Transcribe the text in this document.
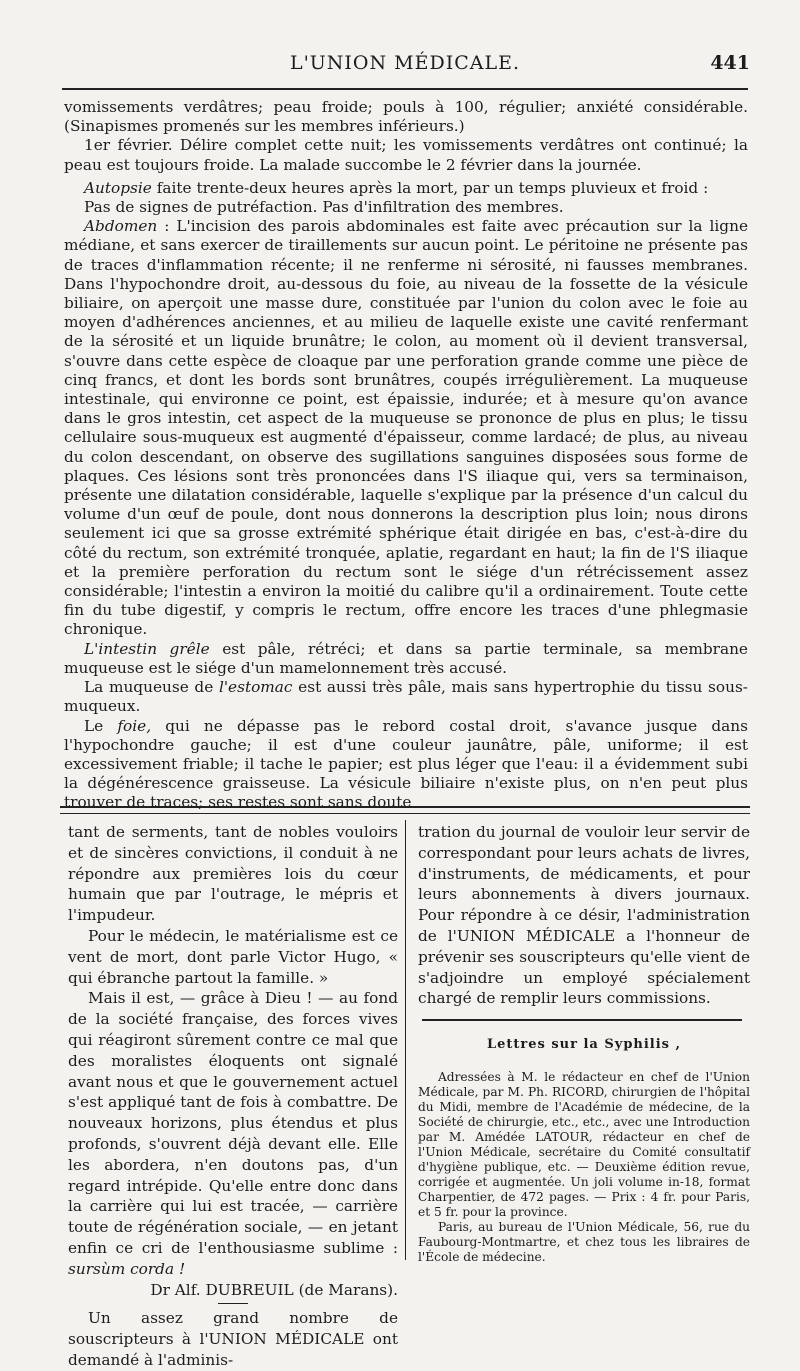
L'UNION MÉDICALE.	441

vomissements verdâtres; peau froide; pouls à 100, régulier; anxiété considérable. (Sinapismes promenés sur les membres inférieurs.)

1er février. Délire complet cette nuit; les vomissements verdâtres ont continué; la peau est toujours froide. La malade succombe le 2 février dans la journée.

Autopsie faite trente-deux heures après la mort, par un temps pluvieux et froid :

Pas de signes de putréfaction. Pas d'infiltration des membres.

Abdomen : L'incision des parois abdominales est faite avec précaution sur la ligne médiane, et sans exercer de tiraillements sur aucun point. Le péritoine ne présente pas de traces d'inflammation récente; il ne renferme ni sérosité, ni fausses membranes. Dans l'hypochondre droit, au-dessous du foie, au niveau de la fossette de la vésicule biliaire, on aperçoit une masse dure, constituée par l'union du colon avec le foie au moyen d'adhérences anciennes, et au milieu de laquelle existe une cavité renfermant de la sérosité et un liquide brunâtre; le colon, au moment où il devient transversal, s'ouvre dans cette espèce de cloaque par une perforation grande comme une pièce de cinq francs, et dont les bords sont brunâtres, coupés irrégulièrement. La muqueuse intestinale, qui environne ce point, est épaissie, indurée; et à mesure qu'on avance dans le gros intestin, cet aspect de la muqueuse se prononce de plus en plus; le tissu cellulaire sous-muqueux est augmenté d'épaisseur, comme lardacé; de plus, au niveau du colon descendant, on observe des sugillations sanguines disposées sous forme de plaques. Ces lésions sont très prononcées dans l'S iliaque qui, vers sa terminaison, présente une dilatation considérable, laquelle s'explique par la présence d'un calcul du volume d'un œuf de poule, dont nous donnerons la description plus loin; nous dirons seulement ici que sa grosse extrémité sphérique était dirigée en bas, c'est-à-dire du côté du rectum, son extrémité tronquée, aplatie, regardant en haut; la fin de l'S iliaque et la première perforation du rectum sont le siége d'un rétrécissement assez considérable; l'intestin a environ la moitié du calibre qu'il a ordinairement. Toute cette fin du tube digestif, y compris le rectum, offre encore les traces d'une phlegmasie chronique.

L'intestin grêle est pâle, rétréci; et dans sa partie terminale, sa membrane muqueuse est le siége d'un mamelonnement très accusé.

La muqueuse de l'estomac est aussi très pâle, mais sans hypertrophie du tissu sous-muqueux.

Le foie, qui ne dépasse pas le rebord costal droit, s'avance jusque dans l'hypochondre gauche; il est d'une couleur jaunâtre, pâle, uniforme; il est excessivement friable; il tache le papier; est plus léger que l'eau: il a évidemment subi la dégénérescence graisseuse. La vésicule biliaire n'existe plus, on n'en peut plus trouver de traces; ses restes sont sans doute

tant de serments, tant de nobles vouloirs et de sincères convictions, il conduit à ne répondre aux premières lois du cœur humain que par l'outrage, le mépris et l'impudeur.

Pour le médecin, le matérialisme est ce vent de mort, dont parle Victor Hugo, « qui ébranche partout la famille. »

Mais il est, — grâce à Dieu ! — au fond de la société française, des forces vives qui réagiront sûrement contre ce mal que des moralistes éloquents ont signalé avant nous et que le gouvernement actuel s'est appliqué tant de fois à combattre. De nouveaux horizons, plus étendus et plus profonds, s'ouvrent déjà devant elle. Elle les abordera, n'en doutons pas, d'un regard intrépide. Qu'elle entre donc dans la carrière qui lui est tracée, — carrière toute de régénération sociale, — en jetant enfin ce cri de l'enthousiasme sublime : sursùm corda !

Dr Alf. DUBREUIL (de Marans).

Un assez grand nombre de souscripteurs à l'UNION MÉDICALE ont demandé à l'adminis-

tration du journal de vouloir leur servir de correspondant pour leurs achats de livres, d'instruments, de médicaments, et pour leurs abonnements à divers journaux. Pour répondre à ce désir, l'administration de l'UNION MÉDICALE a l'honneur de prévenir ses souscripteurs qu'elle vient de s'adjoindre un employé spécialement chargé de remplir leurs commissions.

Lettres sur la Syphilis ,

Adressées à M. le rédacteur en chef de l'Union Médicale, par M. Ph. RICORD, chirurgien de l'hôpital du Midi, membre de l'Académie de médecine, de la Société de chirurgie, etc., etc., avec une Introduction par M. Amédée LATOUR, rédacteur en chef de l'Union Médicale, secrétaire du Comité consultatif d'hygiène publique, etc. — Deuxième édition revue, corrigée et augmentée. Un joli volume in-18, format Charpentier, de 472 pages. — Prix : 4 fr. pour Paris, et 5 fr. pour la province.

Paris, au bureau de l'Union Médicale, 56, rue du Faubourg-Montmartre, et chez tous les libraires de l'École de médecine.
